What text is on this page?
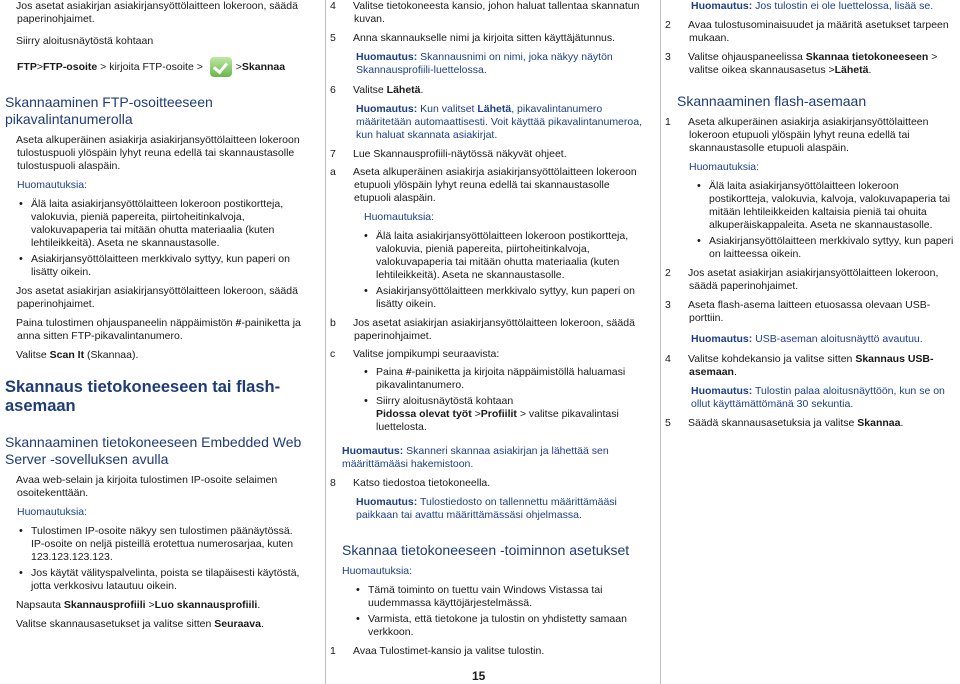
Jos asetat asiakirjan asiakirjansyöttölaitteen lokeroon, säädä paperinohjaimet.

Siirry aloitusnäytöstä kohtaan

FTP > FTP-osoite > kirjoita FTP-osoite >	> Skannaa
Skannaaminen FTP-osoitteeseen pikavalintanumerolla

Aseta alkuperäinen asiakirja asiakirjansyöttölaitteen lokeroon tulostuspuoli ylöspäin lyhyt reuna edellä tai skannaustasolle tulostuspuoli alaspäin.

Huomautuksia:

• Älä laita asiakirjansyöttölaitteen lokeroon postikortteja, valokuvia, pieniä papereita, piirtoheitinkalvoja, valokuvapaperia tai mitään ohutta materiaalia (kuten lehtileikkeitä). Aseta ne skannaustasolle.
• Asiakirjansyöttölaitteen merkkivalo syttyy, kun paperi on lisätty oikein.

Jos asetat asiakirjan asiakirjansyöttölaitteen lokeroon, säädä paperinohjaimet.

Paina tulostimen ohjauspaneelin näppäimistön #-painiketta ja anna sitten FTP-pikavalintanumero.

Valitse Scan It (Skannaa).

Skannaus tietokoneeseen tai flash-asemaan
Skannaaminen tietokoneeseen Embedded Web Server -sovelluksen avulla

Avaa web-selain ja kirjoita tulostimen IP-osoite selaimen osoitekenttään.

Huomautuksia:

• Tulostimen IP-osoite näkyy sen tulostimen päänäytössä. IP-osoite on neljä pisteillä erotettua numerosarjaa, kuten 123.123.123.123.
• Jos käytät välityspalvelinta, poista se tilapäisesti käytöstä, jotta verkkosivu latautuu oikein.

Napsauta Skannausprofiili >Luo skannausprofiili.

Valitse skannausasetukset ja valitse sitten Seuraava.

4 Valitse tietokoneesta kansio, johon haluat tallentaa skannatun kuvan.

5 Anna skannaukselle nimi ja kirjoita sitten käyttäjätunnus.

Huomautus: Skannausnimi on nimi, joka näkyy näytön Skannausprofiili-luettelossa.

6 Valitse Lähetä.

Huomautus: Kun valitset Lähetä, pikavalintanumero määritetään automaattisesti. Voit käyttää pikavalintanumeroa, kun haluat skannata asiakirjat.

7 Lue Skannausprofiili-näytössä näkyvät ohjeet.

a Aseta alkuperäinen asiakirja asiakirjansyöttölaitteen lokeroon etupuoli ylöspäin lyhyt reuna edellä tai skannaustasolle etupuoli alaspäin.

Huomautuksia:

• Älä laita asiakirjansyöttölaitteen lokeroon postikortteja, valokuvia, pieniä papereita, piirtoheitinkalvoja, valokuvapaperia tai mitään ohutta materiaalia (kuten lehtileikkeitä). Aseta ne skannaustasolle.
• Asiakirjansyöttölaitteen merkkivalo syttyy, kun paperi on lisätty oikein.

b Jos asetat asiakirjan asiakirjansyöttölaitteen lokeroon, säädä paperinohjaimet.

c Valitse jompikumpi seuraavista:

• Paina #-painiketta ja kirjoita näppäimistöllä haluamasi pikavalintanumero.
• Siirry aloitusnäytöstä kohtaan
Pidossa olevat työt >Profiilit > valitse pikavalintasi luettelosta.

Huomautus: Skanneri skannaa asiakirjan ja lähettää sen määrittämääsi hakemistoon.

8 Katso tiedostoa tietokoneella.

Huomautus: Tulostiedosto on tallennettu määrittämääsi paikkaan tai avattu määrittämässäsi ohjelmassa.

Skannaa tietokoneeseen -toiminnon asetukset

Huomautuksia:

• Tämä toiminto on tuettu vain Windows Vistassa tai uudemmassa käyttöjärjestelmässä.
• Varmista, että tietokone ja tulostin on yhdistetty samaan verkkoon.

1 Avaa Tulostimet-kansio ja valitse tulostin.

Huomautus: Jos tulostin ei ole luettelossa, lisää se.

2 Avaa tulostusominaisuudet ja määritä asetukset tarpeen mukaan.

3 Valitse ohjauspaneelissa Skannaa tietokoneeseen > valitse oikea skannausasetus >Lähetä.

Skannaaminen flash-asemaan

1 Aseta alkuperäinen asiakirja asiakirjansyöttölaitteen lokeroon etupuoli ylöspäin lyhyt reuna edellä tai skannaustasolle etupuoli alaspäin.

Huomautuksia:

• Älä laita asiakirjansyöttölaitteen lokeroon postikortteja, valokuvia, kalvoja, valokuvapaperia tai mitään lehtileikkeiden kaltaisia pieniä tai ohuita alkuperäiskappaleita. Aseta ne skannaustasolle.
• Asiakirjansyöttölaitteen merkkivalo syttyy, kun paperi on laitteessa oikein.

2 Jos asetat asiakirjan asiakirjansyöttölaitteen lokeroon, säädä paperinohjaimet.

3 Aseta flash-asema laitteen etuosassa olevaan USB-porttiin.

Huomautus: USB-aseman aloitusnäyttö avautuu.

4 Valitse kohdekansio ja valitse sitten Skannaus USB-asemaan.

Huomautus: Tulostin palaa aloitusnäyttöön, kun se on ollut käyttämättömänä 30 sekuntia.

5 Säädä skannausasetuksia ja valitse Skannaa.

15
